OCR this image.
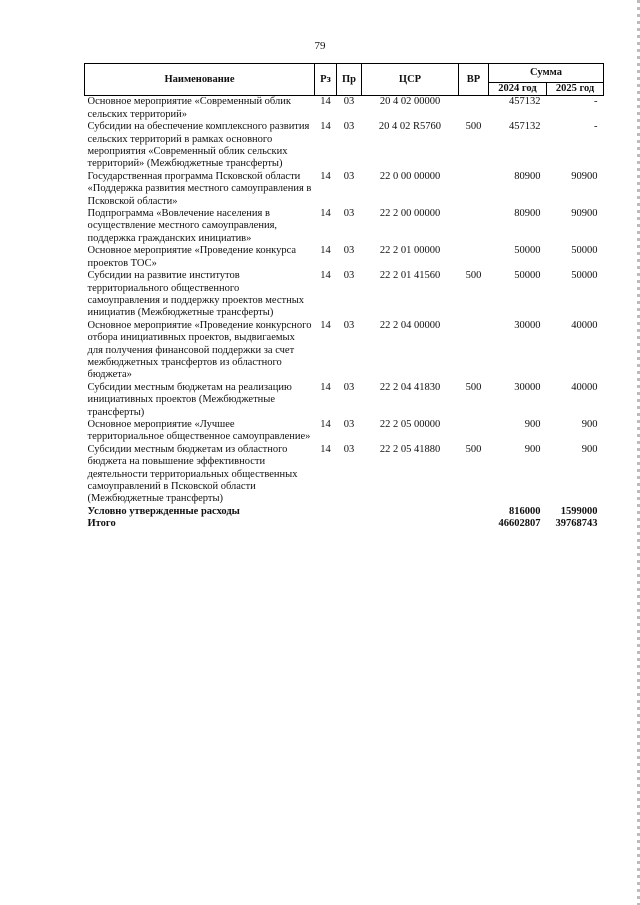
79
Наименование	Рз	Пр	ЦСР	ВР	Сумма	
					2024 год	2025 год
Основное мероприятие «Современный облик сельских территорий»	14	03	20 4 02 00000		457132	-
Субсидии на обеспечение комплексного развития сельских территорий в рамках основного мероприятия «Современный облик сельских территорий» (Межбюджетные трансферты)	14	03	20 4 02 R5760	500	457132	-
Государственная программа Псковской области «Поддержка развития местного самоуправления в Псковской области»	14	03	22 0 00 00000		80900	90900
Подпрограмма «Вовлечение населения в осуществление местного самоуправления, поддержка гражданских инициатив»	14	03	22 2 00 00000		80900	90900
Основное мероприятие «Проведение конкурса проектов ТОС»	14	03	22 2 01 00000		50000	50000
Субсидии на развитие институтов территориального общественного самоуправления и поддержку проектов местных инициатив (Межбюджетные трансферты)	14	03	22 2 01 41560	500	50000	50000
Основное мероприятие «Проведение конкурсного отбора инициативных проектов, выдвигаемых для получения финансовой поддержки за счет межбюджетных трансфертов из областного бюджета»	14	03	22 2 04 00000		30000	40000
Субсидии местным бюджетам на реализацию инициативных проектов (Межбюджетные трансферты)	14	03	22 2 04 41830	500	30000	40000
Основное мероприятие «Лучшее территориальное общественное самоуправление»	14	03	22 2 05 00000		900	900
Субсидии местным бюджетам из областного бюджета на повышение эффективности деятельности территориальных общественных самоуправлений в Псковской области (Межбюджетные трансферты)	14	03	22 2 05 41880	500	900	900
Условно утвержденные расходы					816000	1599000
Итого					46602807	39768743
